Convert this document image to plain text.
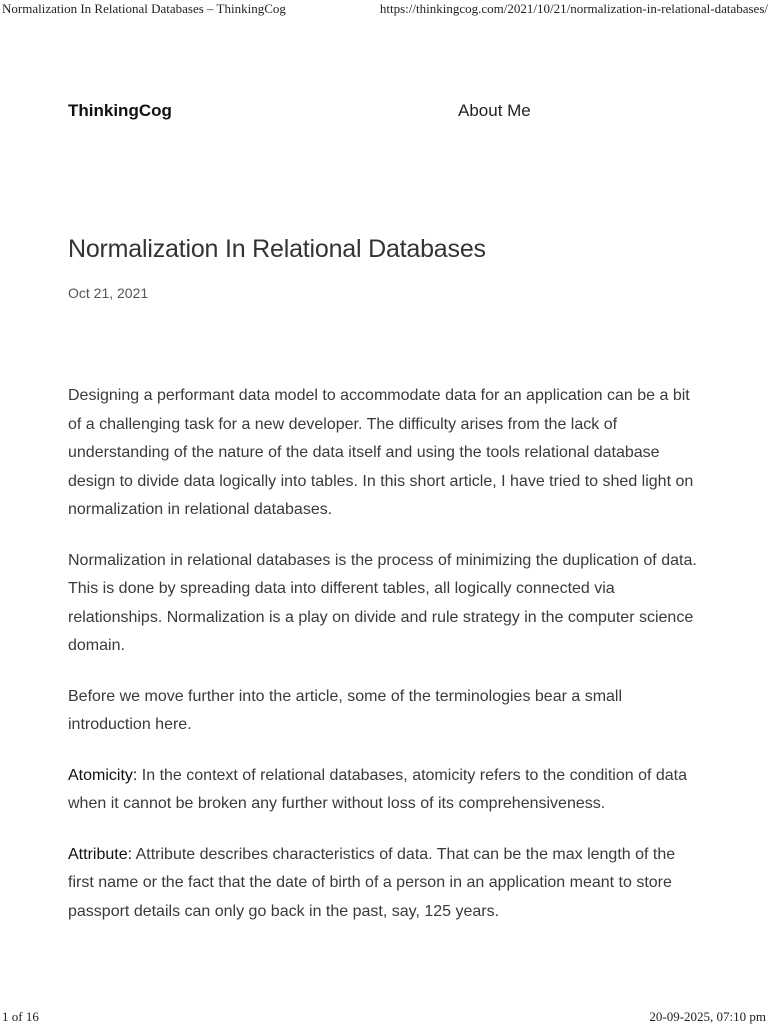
Normalization In Relational Databases – ThinkingCog	https://thinkingcog.com/2021/10/21/normalization-in-relational-databases/
ThinkingCog	About Me
Normalization In Relational Databases
Oct 21, 2021

Designing a performant data model to accommodate data for an application can be a bit of a challenging task for a new developer. The difficulty arises from the lack of understanding of the nature of the data itself and using the tools relational database design to divide data logically into tables. In this short article, I have tried to shed light on normalization in relational databases.

Normalization in relational databases is the process of minimizing the duplication of data. This is done by spreading data into different tables, all logically connected via relationships. Normalization is a play on divide and rule strategy in the computer science domain.

Before we move further into the article, some of the terminologies bear a small introduction here.

Atomicity: In the context of relational databases, atomicity refers to the condition of data when it cannot be broken any further without loss of its comprehensiveness.

Attribute: Attribute describes characteristics of data. That can be the max length of the first name or the fact that the date of birth of a person in an application meant to store passport details can only go back in the past, say, 125 years.

1 of 16	20-09-2025, 07:10 pm
